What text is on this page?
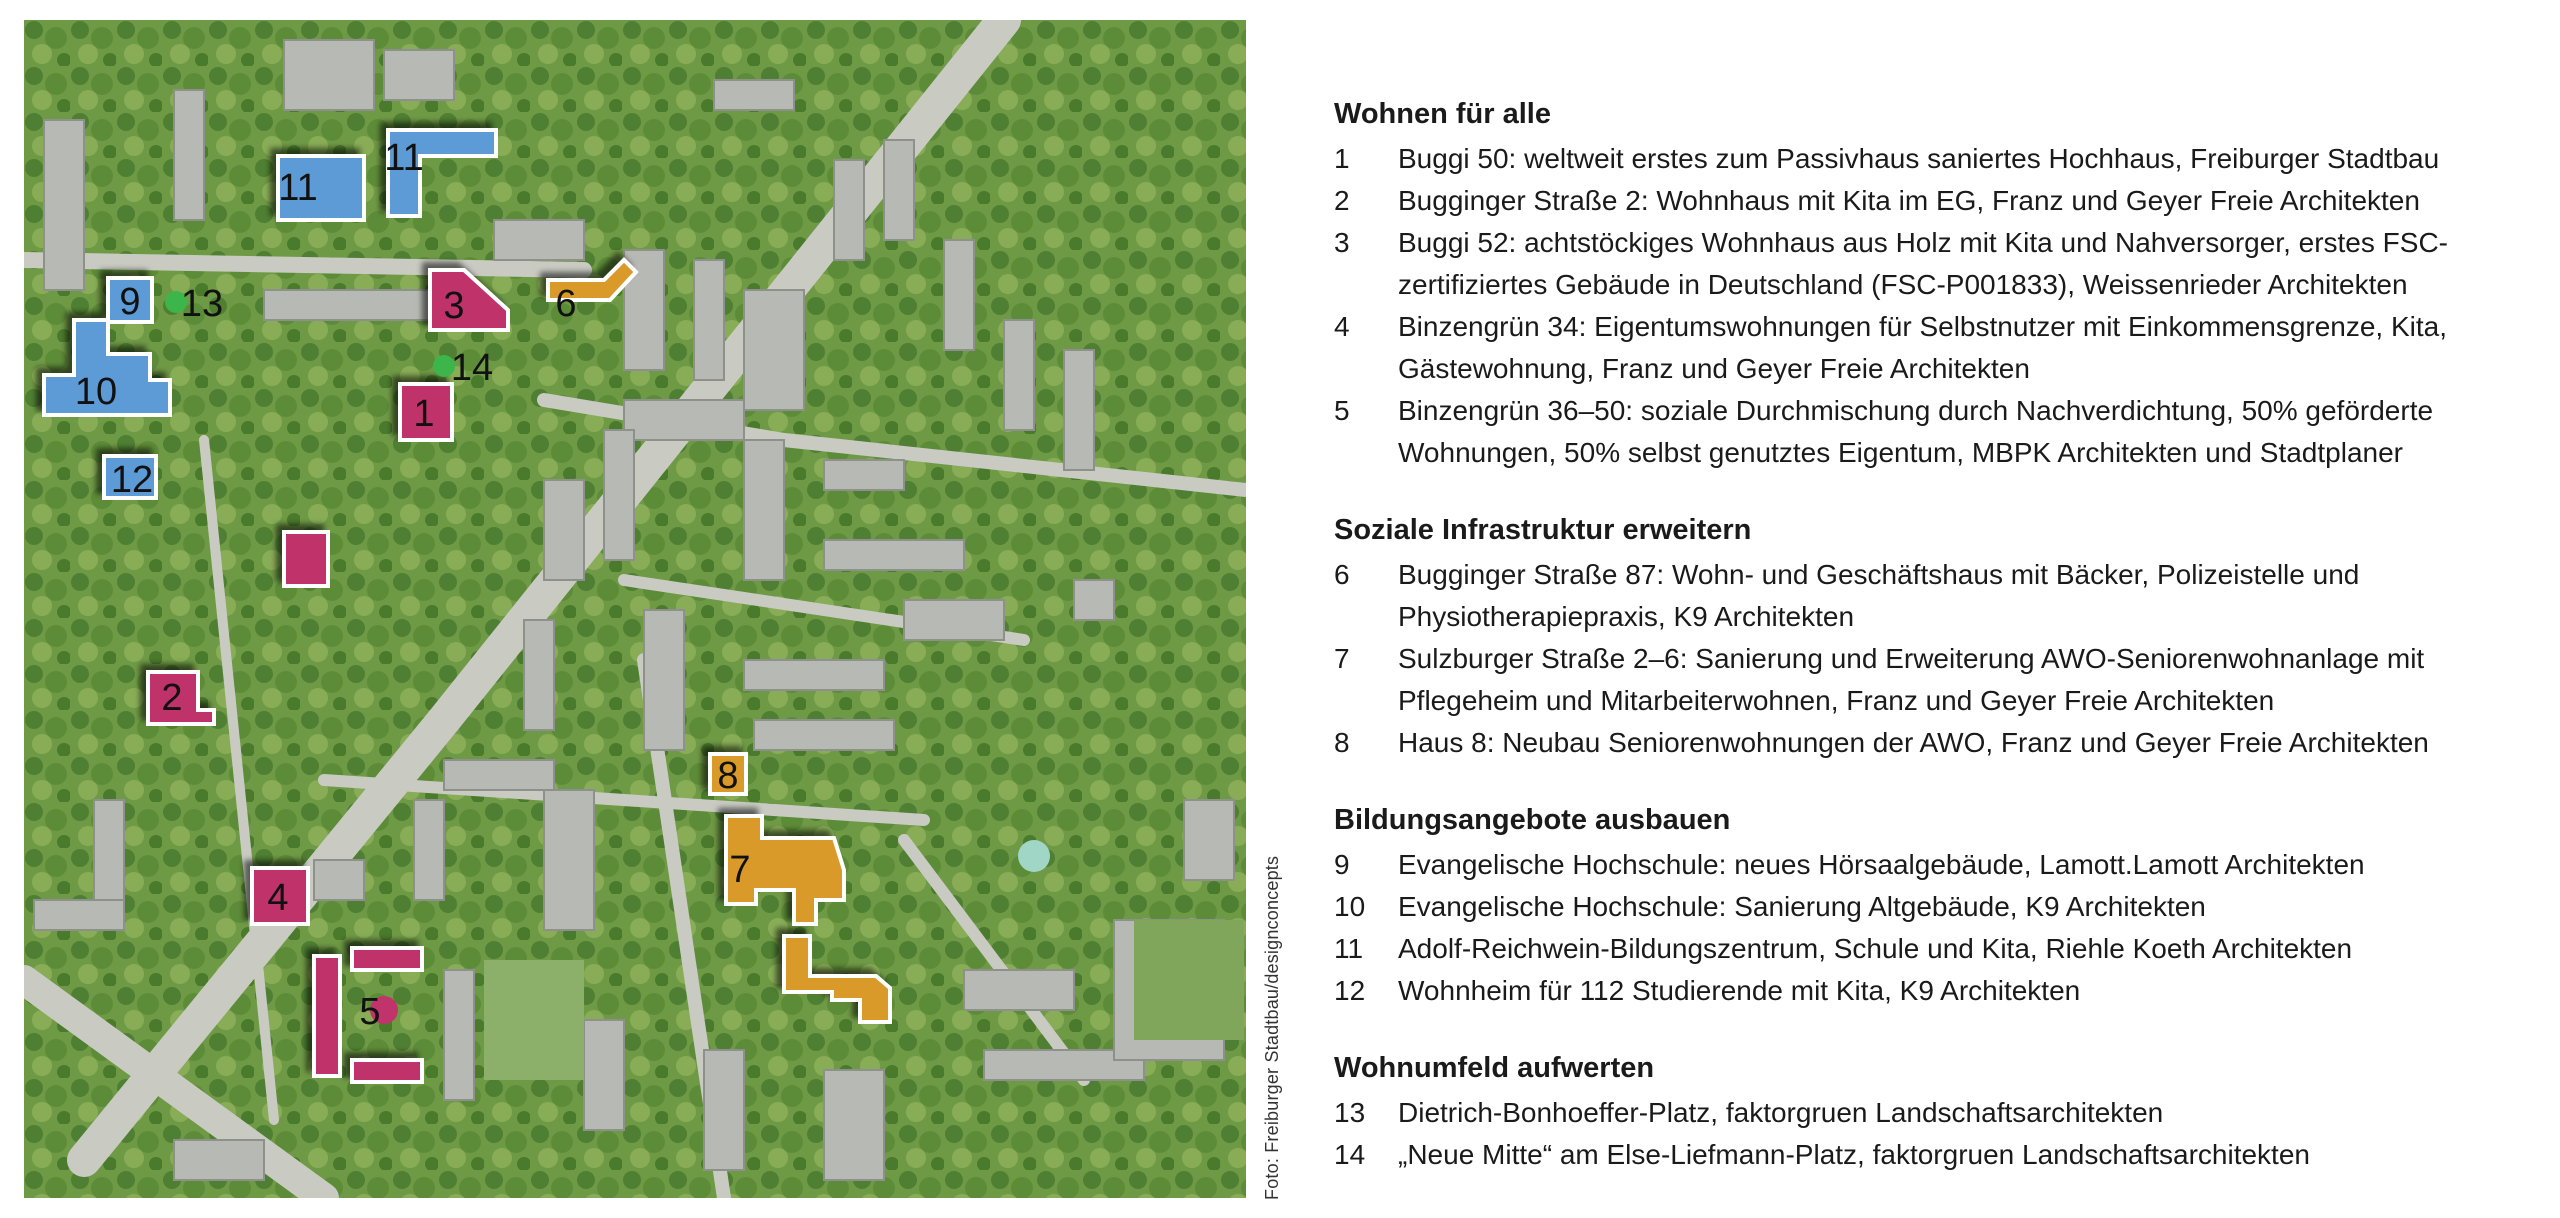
1
2
3
4
5
6
7
8
9
10
11
11
12
13
14
Foto: Freiburger Stadtbau/designconcepts
Wohnen für alle
1	Buggi 50: weltweit erstes zum Passivhaus saniertes Hochhaus, Freiburger Stadtbau
2	Bugginger Straße 2: Wohnhaus mit Kita im EG, Franz und Geyer Freie Architekten
3	Buggi 52: achtstöckiges Wohnhaus aus Holz mit Kita und Nahversorger, erstes FSC-zertifiziertes Gebäude in Deutschland (FSC-P001833), Weissenrieder Architekten
4	Binzengrün 34: Eigentumswohnungen für Selbstnutzer mit Einkommensgrenze, Kita, Gästewohnung, Franz und Geyer Freie Architekten
5	Binzengrün 36–50: soziale Durchmischung durch Nachverdichtung, 50% geförderte Wohnungen, 50% selbst genutztes Eigentum, MBPK Architekten und Stadtplaner
Soziale Infrastruktur erweitern
6	Bugginger Straße 87: Wohn- und Geschäftshaus mit Bäcker, Polizeistelle und Physiotherapiepraxis, K9 Architekten
7	Sulzburger Straße 2–6: Sanierung und Erweiterung AWO-Seniorenwohnanlage mit Pflegeheim und Mitarbeiterwohnen, Franz und Geyer Freie Architekten
8	Haus 8: Neubau Seniorenwohnungen der AWO, Franz und Geyer Freie Architekten
Bildungsangebote ausbauen
9	Evangelische Hochschule: neues Hörsaalgebäude, Lamott.Lamott Architekten
10	Evangelische Hochschule: Sanierung Altgebäude, K9 Architekten
11	Adolf-Reichwein-Bildungszentrum, Schule und Kita, Riehle Koeth Architekten
12	Wohnheim für 112 Studierende mit Kita, K9 Architekten
Wohnumfeld aufwerten
13	Dietrich-Bonhoeffer-Platz, faktorgruen Landschaftsarchitekten
14	„Neue Mitte“ am Else-Liefmann-Platz, faktorgruen Landschaftsarchitekten
